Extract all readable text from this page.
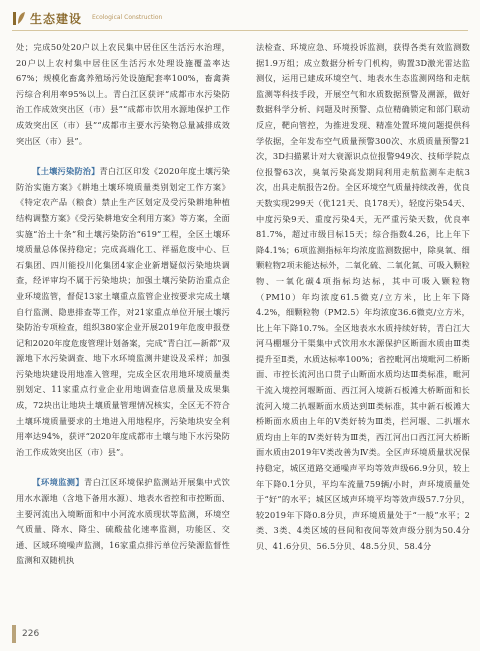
生态建设 Ecological Construction

处；完成50处20户以上农民集中居住区生活污水治理，20户以上农村集中居住区生活污水处理设施覆盖率达67%；规模化畜禽养殖场污处设施配套率100%，畜禽粪污综合利用率95%以上。青白江区获评“成都市水污染防治工作成效突出区（市）县”“成都市饮用水源地保护工作成效突出区（市）县”“成都市主要水污染物总量减排成效突出区（市）县”。

【土壤污染防治】青白江区印发《2020年度土壤污染防治实施方案》《耕地土壤环境质量类别划定工作方案》《特定农产品（粮食）禁止生产区划定及受污染耕地种植结构调整方案》《受污染耕地安全利用方案》等方案，全面实施“治土十条”和土壤污染防治“619”工程，全区土壤环境质量总体保持稳定；完成高端化工、祥福危废中心、巨石集团、四川能投川化集团4家企业新增疑似污染地块调查，经评审均不属于污染地块；加强土壤污染防治重点企业环境监管，督促13家土壤重点监管企业按要求完成土壤自行监测、隐患排查等工作，对21家重点单位开展土壤污染防治专项检查，组织380家企业开展2019年危废申报登记和2020年度危废管理计划备案，完成“青白江—新都”双源地下水污染调查、地下水环境监测井建设及采样；加强污染地块建设用地准入管理，完成全区农用地环境质量类别划定、11家重点行业企业用地调查信息质量及成果集成，72块出让地块土壤质量管理情况核实，全区无不符合土壤环境质量要求的土地进入用地程序，污染地块安全利用率达94%，获评“2020年度成都市土壤与地下水污染防治工作成效突出区（市）县”。

【环境监测】青白江区环境保护监测站开展集中式饮用水水源地（含地下备用水源）、地表水省控和市控断面、主要河流出入境断面和中小河流水质现状等监测，环境空气质量、降水、降尘、硫酸盐化速率监测，功能区、交通、区域环境噪声监测，16家重点排污单位污染源监督性监测和双随机执

法检查、环境应急、环境投诉监测，获得各类有效监测数据1.9万组；成立数据分析专门机构，购置3D激光雷达监测仪，运用已建成环境空气、地表水生态监测网络和走航监测等科技手段，开展空气和水质数据预警及溯源，做好数据科学分析、问题及时预警、点位精确锁定和部门联动反应，靶向管控，为推进发现、精准处置环境问题提供科学依据，全年发布空气质量预警300次、水质质量预警21次，3D扫描累计对大衰源识点位报警949次、技师学院点位报警63次，臭氧污染高发期间利用走航监测车走航3次，出具走航报告2份。全区环境空气质量持续改善，优良天数实现299天（优121天、良178天），轻度污染54天、中度污染9天、重度污染4天，无严重污染天数，优良率81.7%，超过市级目标15天；综合指数4.26，比上年下降4.1%；6项监测指标年均浓度监测数据中，除臭氧、细颗粒物2项未能达标外，二氧化硫、二氧化氮、可吸入颗粒物、一氧化碳4项指标均达标，其中可吸入颗粒物（PM10）年均浓度61.5微克/立方米，比上年下降4.2%，细颗粒物（PM2.5）年均浓度36.6微克/立方米，比上年下降10.7%。全区地表水水质持续好转，青白江大河马棚堰分干渠集中式饮用水水源保护区断面水质由Ⅲ类提升至Ⅱ类，水质达标率100%；省控毗河出境毗河二桥断面、市控长流河出口贯子山断面水质均达Ⅲ类标准，毗河干流入境控河堰断面、西江河入境新石板滩大桥断面和长流河入境二扒堰断面水质达到Ⅲ类标准，其中新石板滩大桥断面水质由上年的Ⅴ类好转为Ⅲ类，拦河堰、二扒堰水质均由上年的Ⅳ类好转为Ⅲ类，西江河出口西江河大桥断面水质由2019年Ⅴ类改善为Ⅳ类。全区声环境质量状况保持稳定，城区道路交通噪声平均等效声级66.9分贝，较上年下降0.1分贝，平均车流量759辆/小时，声环境质量处于“好”的水平；城区区域声环境平均等效声级57.7分贝，较2019年下降0.8分贝，声环境质量处于“一般”水平；2类、3类、4类区域的昼间和夜间等效声级分别为50.4分贝、41.6分贝、56.5分贝、48.5分贝、58.4分

226
